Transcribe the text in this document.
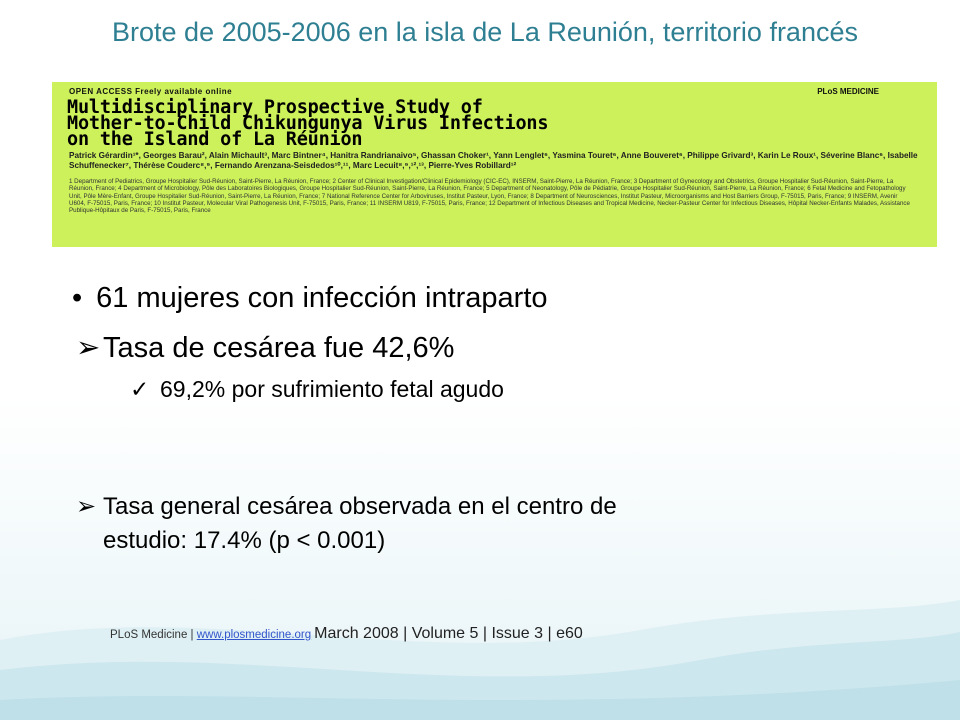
Brote de 2005-2006 en la isla de La Reunión, territorio francés
OPEN ACCESS Freely available online	PLoS MEDICINE
Multidisciplinary Prospective Study of
Mother-to-Child Chikungunya Virus Infections
on the Island of La Réunion
Patrick Gérardin¹*, Georges Barau², Alain Michault³, Marc Bintner⁴, Hanitra Randrianaivo⁵, Ghassan Choker¹, Yann Lenglet⁶, Yasmina Touret⁶, Anne Bouveret⁶, Philippe Grivard³, Karin Le Roux¹, Séverine Blanc⁶, Isabelle Schuffenecker⁷, Thérèse Couderc⁸,⁹, Fernando Arenzana-Seisdedos¹⁰,¹¹, Marc Lecuit⁸,⁹,¹²,¹³, Pierre-Yves Robillard¹²
1 Department of Pediatrics, Groupe Hospitalier Sud-Réunion, Saint-Pierre, La Réunion, France; 2 Center of Clinical Investigation/Clinical Epidemiology (CIC-EC), INSERM, Saint-Pierre, La Réunion, France; 3 Department of Gynecology and Obstetrics, Groupe Hospitalier Sud-Réunion, Saint-Pierre, La Réunion, France; 4 Department of Microbiology, Pôle des Laboratoires Biologiques, Groupe Hospitalier Sud-Réunion, Saint-Pierre, La Réunion, France; 5 Department of Neonatology, Pôle de Pédiatrie, Groupe Hospitalier Sud-Réunion, Saint-Pierre, La Réunion, France; 6 Fetal Medicine and Fetopathology Unit, Pôle Mère-Enfant, Groupe Hospitalier Sud-Réunion, Saint-Pierre, La Réunion, France; 7 National Reference Center for Arboviruses, Institut Pasteur, Lyon, France; 8 Department of Neurosciences, Institut Pasteur, Microorganisms and Host Barriers Group, F-75015, Paris, France; 9 INSERM, Avenir U604, F-75015, Paris, France; 10 Institut Pasteur, Molecular Viral Pathogenesis Unit, F-75015, Paris, France; 11 INSERM U819, F-75015, Paris, France; 12 Department of Infectious Diseases and Tropical Medicine, Necker-Pasteur Center for Infectious Diseases, Hôpital Necker-Enfants Malades, Assistance Publique-Hôpitaux de Paris, F-75015, Paris, France
• 61 mujeres con infección intraparto
➢Tasa de cesárea fue 42,6%
✓ 69,2% por sufrimiento fetal agudo
➢ Tasa general cesárea observada en el centro de
estudio: 17.4% (p < 0.001)
PLoS Medicine | www.plosmedicine.org March 2008 | Volume 5 | Issue 3 | e60
